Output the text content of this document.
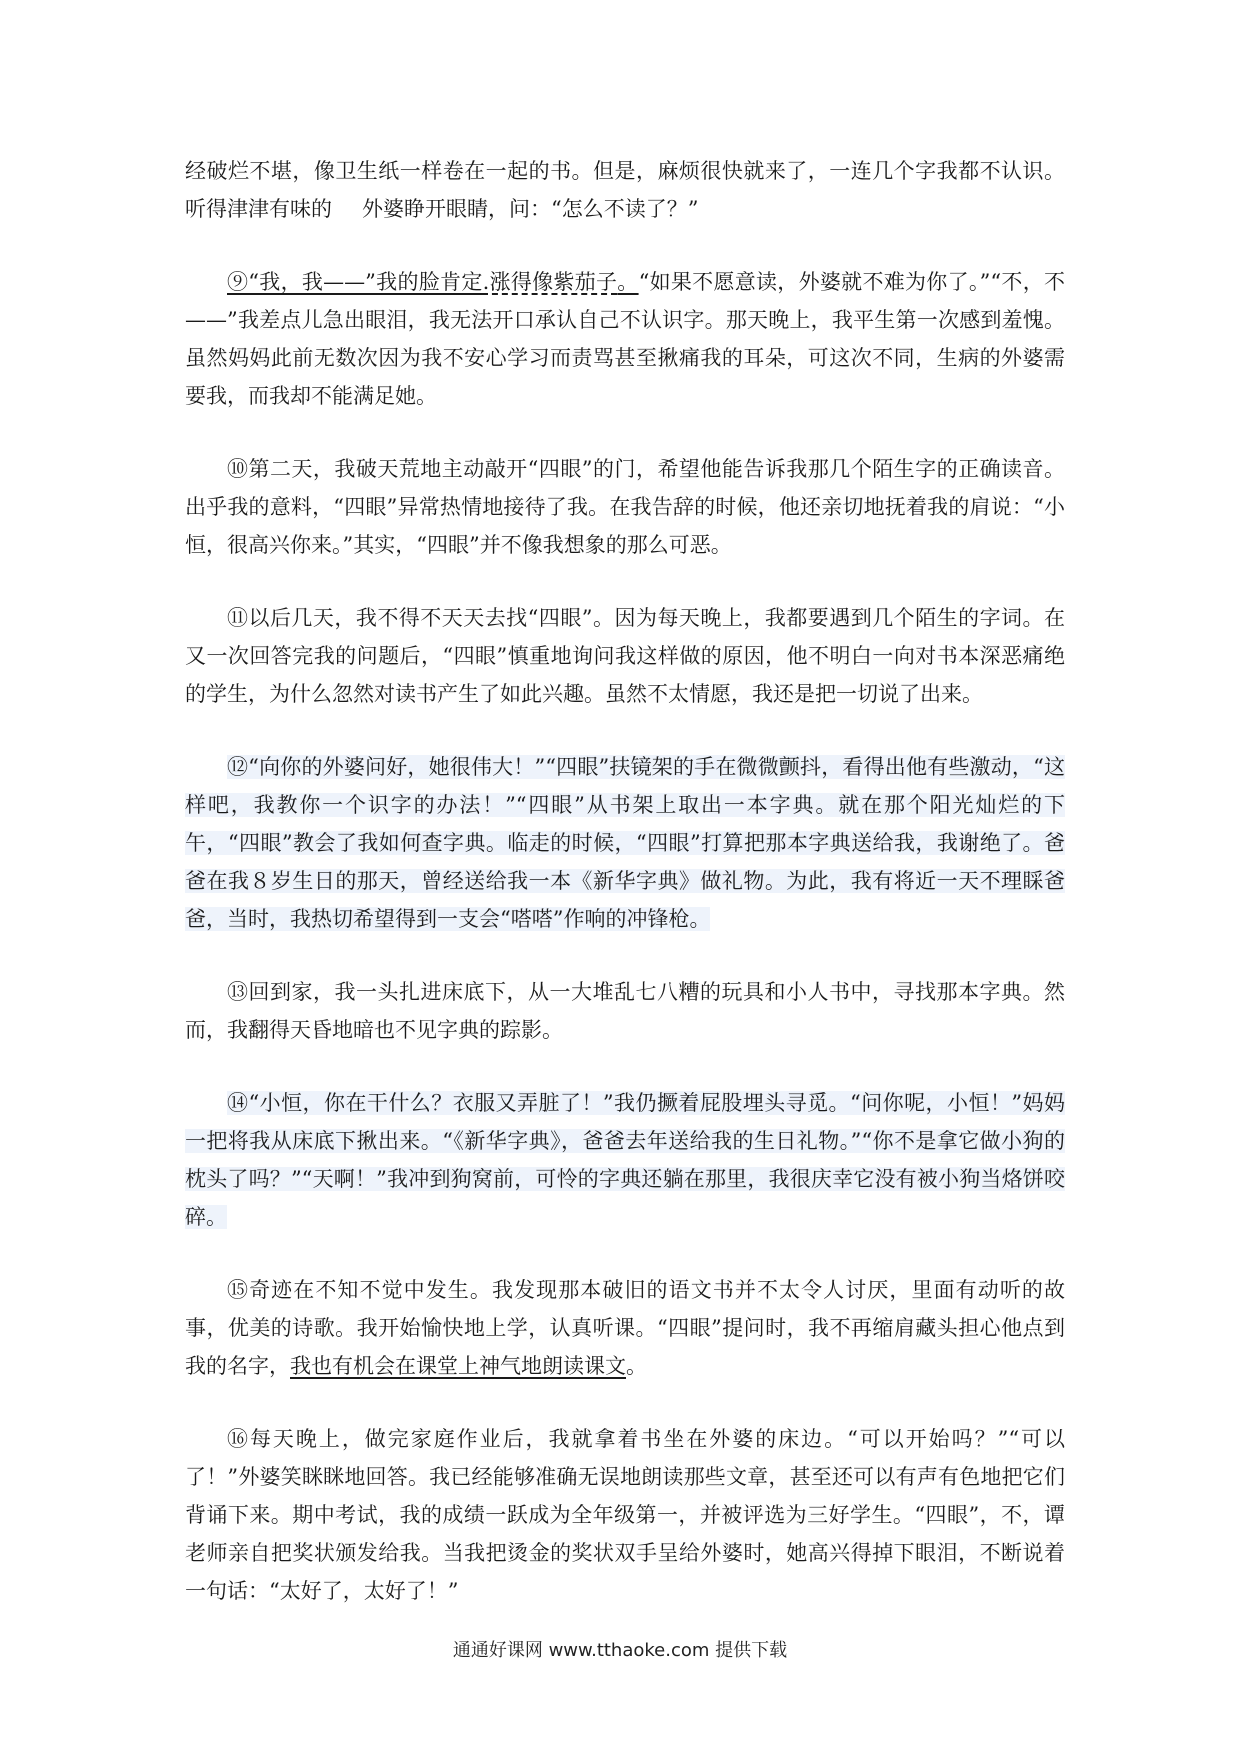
经破烂不堪，像卫生纸一样卷在一起的书。但是，麻烦很快就来了，一连几个字我都不认识。听得津津有味的 外婆睁开眼睛，问：“怎么不读了？”

⑨“我，我——”我的脸肯定.涨得像紫茄子。“如果不愿意读，外婆就不难为你了。”“不，不——”我差点儿急出眼泪，我无法开口承认自己不认识字。那天晚上，我平生第一次感到羞愧。虽然妈妈此前无数次因为我不安心学习而责骂甚至揪痛我的耳朵，可这次不同，生病的外婆需要我，而我却不能满足她。

⑩第二天，我破天荒地主动敲开“四眼”的门，希望他能告诉我那几个陌生字的正确读音。出乎我的意料，“四眼”异常热情地接待了我。在我告辞的时候，他还亲切地抚着我的肩说：“小恒，很高兴你来。”其实，“四眼”并不像我想象的那么可恶。

⑪以后几天，我不得不天天去找“四眼”。因为每天晚上，我都要遇到几个陌生的字词。在又一次回答完我的问题后，“四眼”慎重地询问我这样做的原因，他不明白一向对书本深恶痛绝的学生，为什么忽然对读书产生了如此兴趣。虽然不太情愿，我还是把一切说了出来。

⑫“向你的外婆问好，她很伟大！”“四眼”扶镜架的手在微微颤抖，看得出他有些激动，“这样吧，我教你一个识字的办法！”“四眼”从书架上取出一本字典。就在那个阳光灿烂的下午，“四眼”教会了我如何查字典。临走的时候，“四眼”打算把那本字典送给我，我谢绝了。爸爸在我８岁生日的那天，曾经送给我一本《新华字典》做礼物。为此，我有将近一天不理睬爸爸，当时，我热切希望得到一支会“嗒嗒”作响的冲锋枪。

⑬回到家，我一头扎进床底下，从一大堆乱七八糟的玩具和小人书中，寻找那本字典。然而，我翻得天昏地暗也不见字典的踪影。

⑭“小恒，你在干什么？衣服又弄脏了！”我仍撅着屁股埋头寻觅。“问你呢，小恒！”妈妈一把将我从床底下揪出来。“《新华字典》，爸爸去年送给我的生日礼物。”“你不是拿它做小狗的枕头了吗？”“天啊！”我冲到狗窝前，可怜的字典还躺在那里，我很庆幸它没有被小狗当烙饼咬碎。

⑮奇迹在不知不觉中发生。我发现那本破旧的语文书并不太令人讨厌，里面有动听的故事，优美的诗歌。我开始愉快地上学，认真听课。“四眼”提问时，我不再缩肩藏头担心他点到我的名字，我也有机会在课堂上神气地朗读课文。

⑯每天晚上，做完家庭作业后，我就拿着书坐在外婆的床边。“可以开始吗？”“可以了！”外婆笑眯眯地回答。我已经能够准确无误地朗读那些文章，甚至还可以有声有色地把它们背诵下来。期中考试，我的成绩一跃成为全年级第一，并被评选为三好学生。“四眼”，不，谭老师亲自把奖状颁发给我。当我把烫金的奖状双手呈给外婆时，她高兴得掉下眼泪，不断说着一句话：“太好了，太好了！”

通通好课网 www.tthaoke.com 提供下载
